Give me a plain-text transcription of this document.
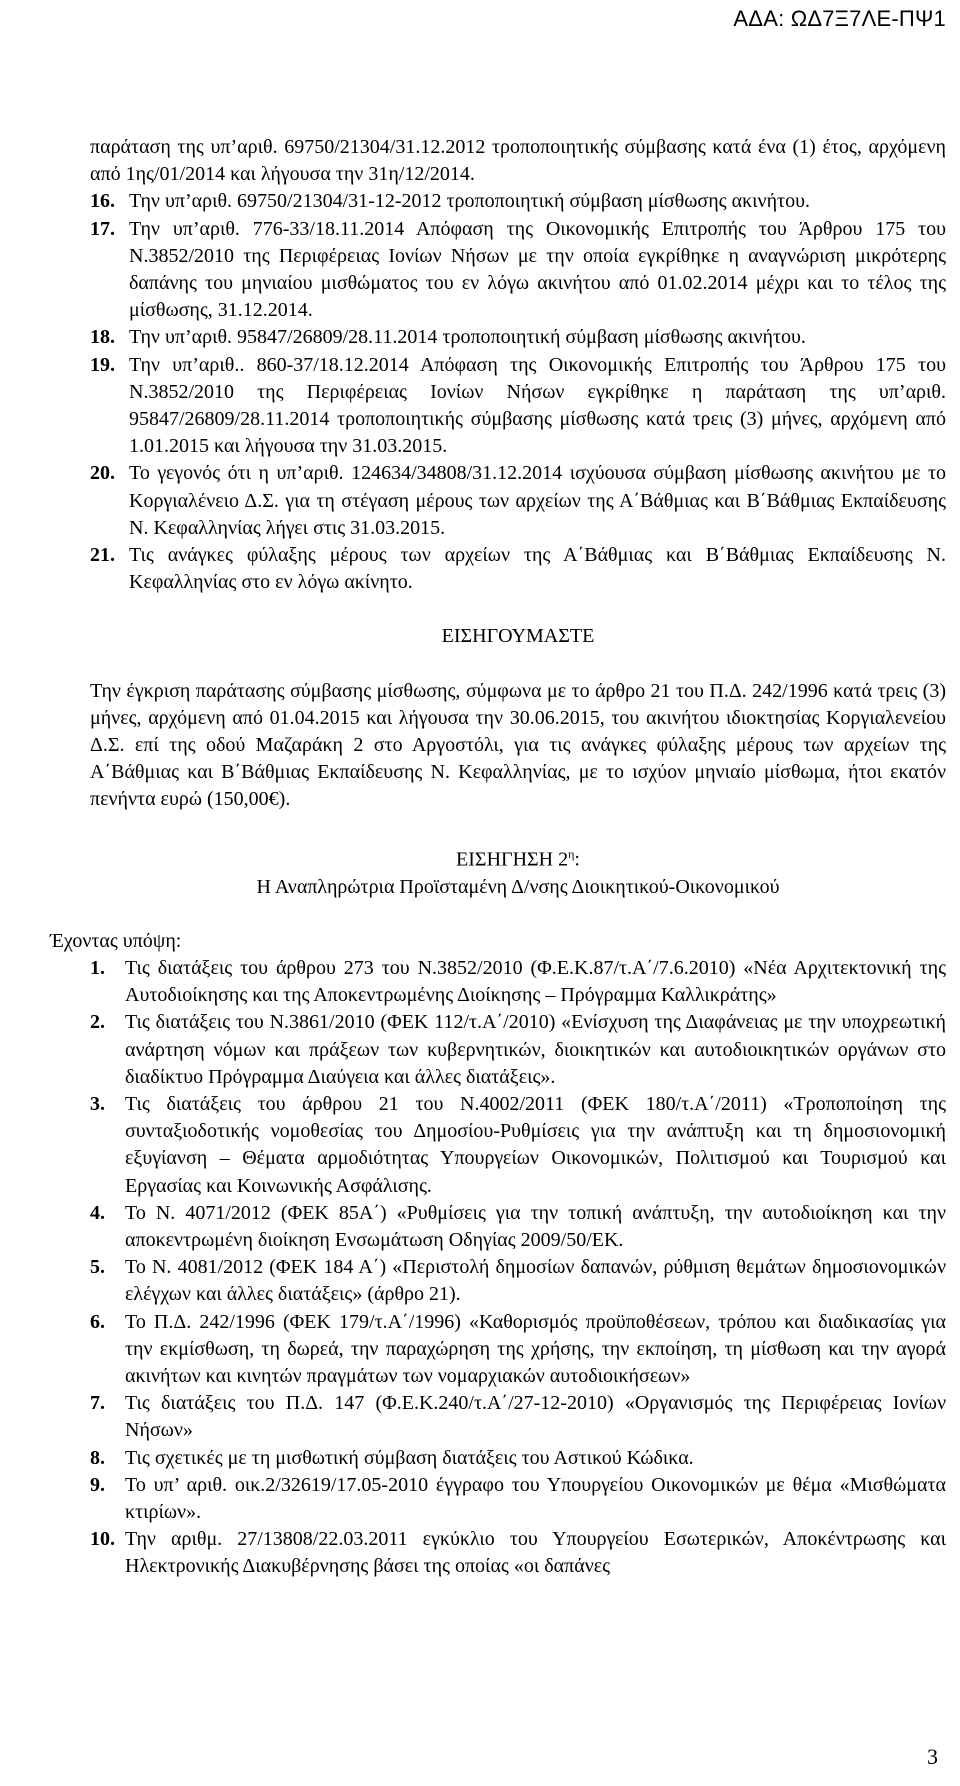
ΑΔΑ: ΩΔ7Ξ7ΛΕ-ΠΨ1

παράταση της υπ’αριθ. 69750/21304/31.12.2012 τροποποιητικής σύμβασης κατά ένα (1) έτος, αρχόμενη από 1ης/01/2014 και λήγουσα την 31η/12/2014.

16. Την υπ’αριθ. 69750/21304/31-12-2012 τροποποιητική σύμβαση μίσθωσης ακινήτου.
17. Την υπ’αριθ. 776-33/18.11.2014 Απόφαση της Οικονομικής Επιτροπής του Άρθρου 175 του Ν.3852/2010 της Περιφέρειας Ιονίων Νήσων με την οποία εγκρίθηκε η αναγνώριση μικρότερης δαπάνης του μηνιαίου μισθώματος του εν λόγω ακινήτου από 01.02.2014 μέχρι και το τέλος της μίσθωσης, 31.12.2014.
18. Την υπ’αριθ. 95847/26809/28.11.2014 τροποποιητική σύμβαση μίσθωσης ακινήτου.
19. Την υπ’αριθ.. 860-37/18.12.2014 Απόφαση της Οικονομικής Επιτροπής του Άρθρου 175 του Ν.3852/2010 της Περιφέρειας Ιονίων Νήσων εγκρίθηκε η παράταση της υπ’αριθ. 95847/26809/28.11.2014 τροποποιητικής σύμβασης μίσθωσης κατά τρεις (3) μήνες, αρχόμενη από 1.01.2015 και λήγουσα την 31.03.2015.
20. Το γεγονός ότι η υπ’αριθ. 124634/34808/31.12.2014 ισχύουσα σύμβαση μίσθωσης ακινήτου με το Κοργιαλένειο Δ.Σ. για τη στέγαση μέρους των αρχείων της Α΄Βάθμιας και Β΄Βάθμιας Εκπαίδευσης Ν. Κεφαλληνίας λήγει στις 31.03.2015.
21. Τις ανάγκες φύλαξης μέρους των αρχείων της Α΄Βάθμιας και Β΄Βάθμιας Εκπαίδευσης Ν. Κεφαλληνίας στο εν λόγω ακίνητο.
ΕΙΣΗΓΟΥΜΑΣΤΕ

Την έγκριση παράτασης σύμβασης μίσθωσης, σύμφωνα με το άρθρο 21 του Π.Δ. 242/1996 κατά τρεις (3) μήνες, αρχόμενη από 01.04.2015 και λήγουσα την 30.06.2015, του ακινήτου ιδιοκτησίας Κοργιαλενείου Δ.Σ. επί της οδού Μαζαράκη 2 στο Αργοστόλι, για τις ανάγκες φύλαξης μέρους των αρχείων της Α΄Βάθμιας και Β΄Βάθμιας Εκπαίδευσης Ν. Κεφαλληνίας, με το ισχύον μηνιαίο μίσθωμα, ήτοι εκατόν πενήντα ευρώ (150,00€).

ΕΙΣΗΓΗΣΗ $2^\eta$:
Η Αναπληρώτρια Προϊσταμένη Δ/νσης Διοικητικού-Οικονομικού
Έχοντας υπόψη:
1.	Τις διατάξεις του άρθρου 273 του Ν.3852/2010 (Φ.Ε.Κ.87/τ.Α΄/7.6.2010) «Νέα Αρχιτεκτονική της Αυτοδιοίκησης και της Αποκεντρωμένης Διοίκησης – Πρόγραμμα Καλλικράτης»
2.	Τις διατάξεις του Ν.3861/2010 (ΦΕΚ 112/τ.Α΄/2010) «Ενίσχυση της Διαφάνειας με την υποχρεωτική ανάρτηση νόμων και πράξεων των κυβερνητικών, διοικητικών και αυτοδιοικητικών οργάνων στο διαδίκτυο Πρόγραμμα Διαύγεια και άλλες διατάξεις».
3.	Τις διατάξεις του άρθρου 21 του Ν.4002/2011 (ΦΕΚ 180/τ.Α΄/2011) «Τροποποίηση της συνταξιοδοτικής νομοθεσίας του Δημοσίου-Ρυθμίσεις για την ανάπτυξη και τη δημοσιονομική εξυγίανση – Θέματα αρμοδιότητας Υπουργείων Οικονομικών, Πολιτισμού και Τουρισμού και Εργασίας και Κοινωνικής Ασφάλισης.
4.	Το Ν. 4071/2012 (ΦΕΚ 85Α΄) «Ρυθμίσεις για την τοπική ανάπτυξη, την αυτοδιοίκηση και την αποκεντρωμένη διοίκηση Ενσωμάτωση Οδηγίας 2009/50/ΕΚ.
5.	Το Ν. 4081/2012 (ΦΕΚ 184 Α΄) «Περιστολή δημοσίων δαπανών, ρύθμιση θεμάτων δημοσιονομικών ελέγχων και άλλες διατάξεις» (άρθρο 21).
6.	Το Π.Δ. 242/1996 (ΦΕΚ 179/τ.Α΄/1996) «Καθορισμός προϋποθέσεων, τρόπου και διαδικασίας για την εκμίσθωση, τη δωρεά, την παραχώρηση της χρήσης, την εκποίηση, τη μίσθωση και την αγορά ακινήτων και κινητών πραγμάτων των νομαρχιακών αυτοδιοικήσεων»
7.	Τις διατάξεις του Π.Δ. 147 (Φ.Ε.Κ.240/τ.Α΄/27-12-2010) «Οργανισμός της Περιφέρειας Ιονίων Νήσων»
8.	Τις σχετικές με τη μισθωτική σύμβαση διατάξεις του Αστικού Κώδικα.
9.	Το υπ’ αριθ. οικ.2/32619/17.05-2010 έγγραφο του Υπουργείου Οικονομικών με θέμα «Μισθώματα κτιρίων».
10. Την αριθμ. 27/13808/22.03.2011 εγκύκλιο του Υπουργείου Εσωτερικών, Αποκέντρωσης και Ηλεκτρονικής Διακυβέρνησης βάσει της οποίας «οι δαπάνες
3
